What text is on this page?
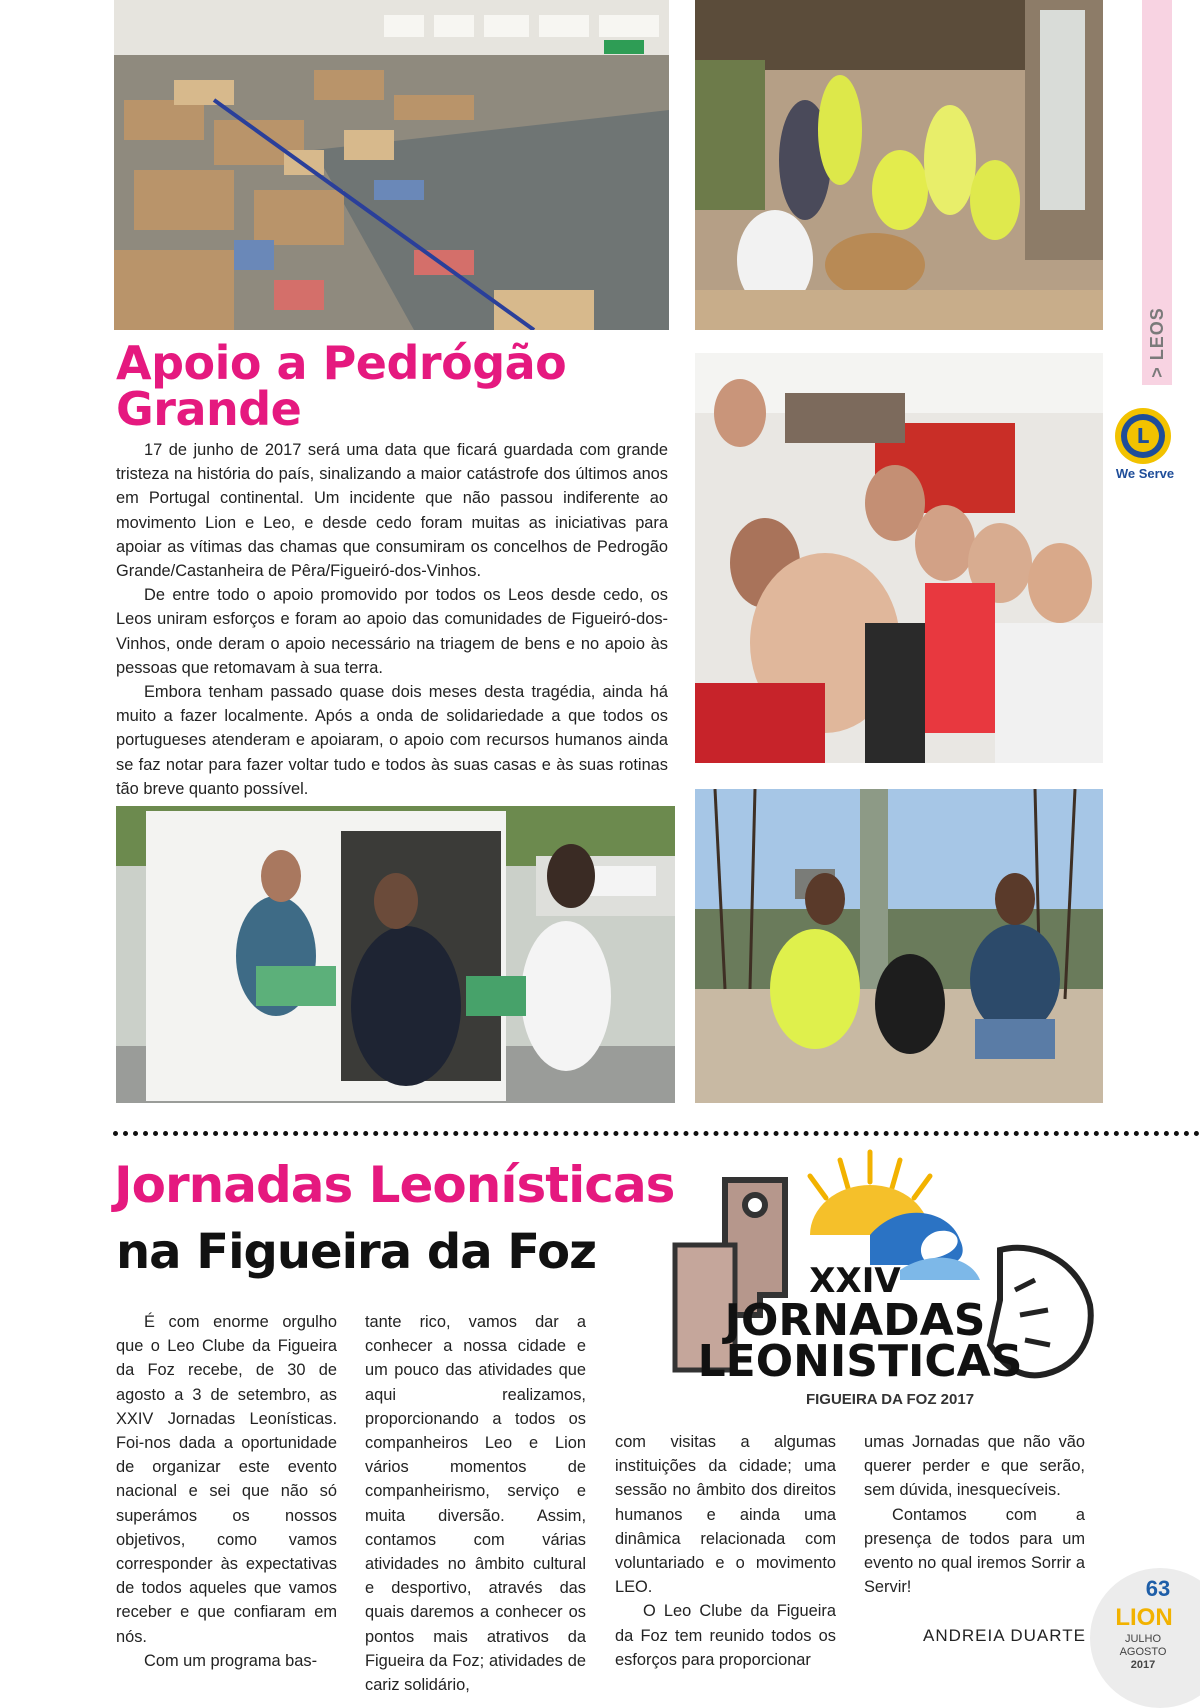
> LEOS
L
We Serve
Apoio a Pedrógão Grande

17 de junho de 2017 será uma data que ficará guardada com grande tristeza na história do país, sinalizando a maior catástrofe dos últimos anos em Portugal continental. Um incidente que não passou indiferente ao movimento Lion e Leo, e desde cedo foram muitas as iniciativas para apoiar as vítimas das chamas que consumiram os concelhos de Pedrogão Grande/Castanheira de Pêra/Figueiró-dos-Vinhos.

De entre todo o apoio promovido por todos os Leos desde cedo, os Leos uniram esforços e foram ao apoio das comunidades de Figueiró-dos-Vinhos, onde deram o apoio necessário na triagem de bens e no apoio às pessoas que retomavam à sua terra.

Embora tenham passado quase dois meses desta tragédia, ainda há muito a fazer localmente. Após a onda de solidariedade a que todos os portugueses atenderam e apoiaram, o apoio com recursos humanos ainda se faz notar para fazer voltar tudo e todos às suas casas e às suas rotinas tão breve quanto possível.

Jornadas Leonísticas
na Figueira da Foz
XXIV
JORNADAS
LEONISTICAS
FIGUEIRA DA FOZ 2017

É com enorme orgulho que o Leo Clube da Figueira da Foz recebe, de 30 de agosto a 3 de setembro, as XXIV Jornadas Leonísticas. Foi-nos dada a oportunidade de organizar este evento nacional e sei que não só superámos os nossos objetivos, como vamos corresponder às expectativas de todos aqueles que vamos receber e que confiaram em nós.

Com um programa bas-

tante rico, vamos dar a conhecer a nossa cidade e um pouco das atividades que aqui realizamos, proporcionando a todos os companheiros Leo e Lion vários momentos de companheirismo, serviço e muita diversão. Assim, contamos com várias atividades no âmbito cultural e desportivo, através das quais daremos a conhecer os pontos mais atrativos da Figueira da Foz; atividades de cariz solidário,

com visitas a algumas instituições da cidade; uma sessão no âmbito dos direitos humanos e ainda uma dinâmica relacionada com voluntariado e o movimento LEO.

O Leo Clube da Figueira da Foz tem reunido todos os esforços para proporcionar

umas Jornadas que não vão querer perder e que serão, sem dúvida, inesquecíveis.

Contamos com a presença de todos para um evento no qual iremos Sorrir a Servir!

ANDREIA DUARTE
63
LION
JULHO
AGOSTO
2017
